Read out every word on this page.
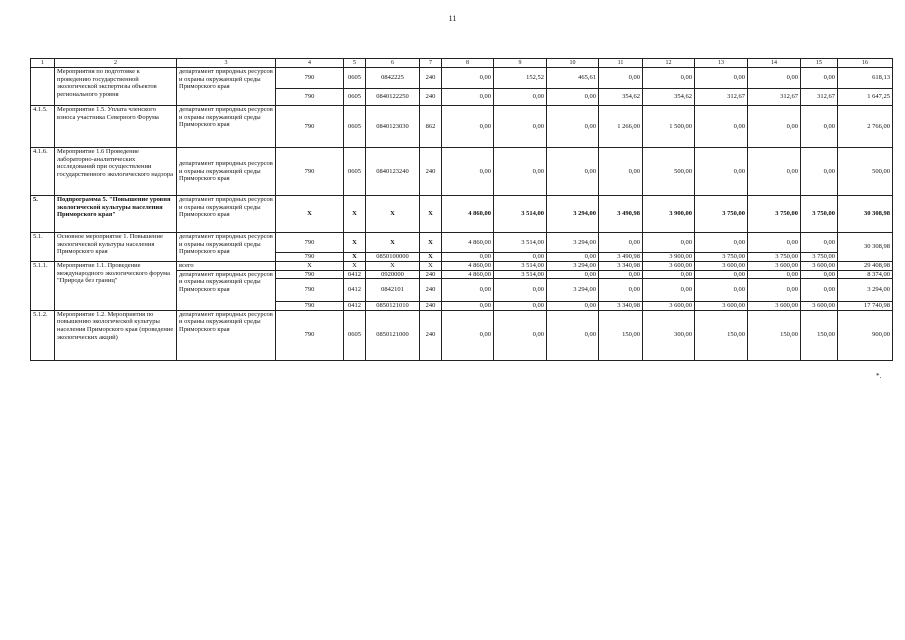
11
1	2	3	4	5	6	7	8	9	10	11	12	13	14	15	16
	Мероприятия по подготовке к проведению государственной экологической экспертизы объектов регионального уровня	департамент природных ресурсов и охраны окружающей среды Приморского края	790	0605	0842225	240	0,00	152,52	465,61	0,00	0,00	0,00	0,00	0,00	618,13
			790	0605	0840122250	240	0,00	0,00	0,00	354,62	354,62	312,67	312,67	312,67	1 647,25
4.1.5.	Мероприятие 1.5. Уплата членского взноса участника Северного Форума	департамент природных ресурсов и охраны окружающей среды Приморского края	790	0605	0840123030	862	0,00	0,00	0,00	1 266,00	1 500,00	0,00	0,00	0,00	2 766,00
4.1.6.	Мероприятие 1.6 Проведение лабораторно-аналитических исследований при осуществлении государственного экологического надзора	департамент природных ресурсов и охраны окружающей среды Приморского края	790	0605	0840123240	240	0,00	0,00	0,00	0,00	500,00	0,00	0,00	0,00	500,00
5.	Подпрограмма 5. "Повышение уровня экологической культуры населения Приморского края"	департамент природных ресурсов и охраны окружающей среды Приморского края	X	X	X	X	4 860,00	3 514,00	3 294,00	3 490,98	3 900,00	3 750,00	3 750,00	3 750,00	30 308,98
5.1.	Основное мероприятие 1. Повышение экологической культуры населения Приморского края	департамент природных ресурсов и охраны окружающей среды Приморского края	790	X	X	X	4 860,00	3 514,00	3 294,00	0,00	0,00	0,00	0,00	0,00	30 308,98
			790	X	0850100000	X	0,00	0,00	0,00	3 490,98	3 900,00	3 750,00	3 750,00	3 750,00	
5.1.1.	Мероприятие 1.1. Проведение международного экологического форума "Природа без границ"	всего	X	X	X	X	4 860,00	3 514,00	3 294,00	3 340,98	3 600,00	3 600,00	3 600,00	3 600,00	29 408,98
		департамент природных ресурсов и охраны окружающей среды Приморского края	790	0412	0920000	240	4 860,00	3 514,00	0,00	0,00	0,00	0,00	0,00	0,00	8 374,00
			790	0412	0842101	240	0,00	0,00	3 294,00	0,00	0,00	0,00	0,00	0,00	3 294,00
			790	0412	0850121010	240	0,00	0,00	0,00	3 340,98	3 600,00	3 600,00	3 600,00	3 600,00	17 740,98
5.1.2.	Мероприятие 1.2. Мероприятия по повышению экологической культуры населения Приморского края (проведение экологических акций)	департамент природных ресурсов и охраны окружающей среды Приморского края	790	0605	0850121000	240	0,00	0,00	0,00	150,00	300,00	150,00	150,00	150,00	900,00
*.
